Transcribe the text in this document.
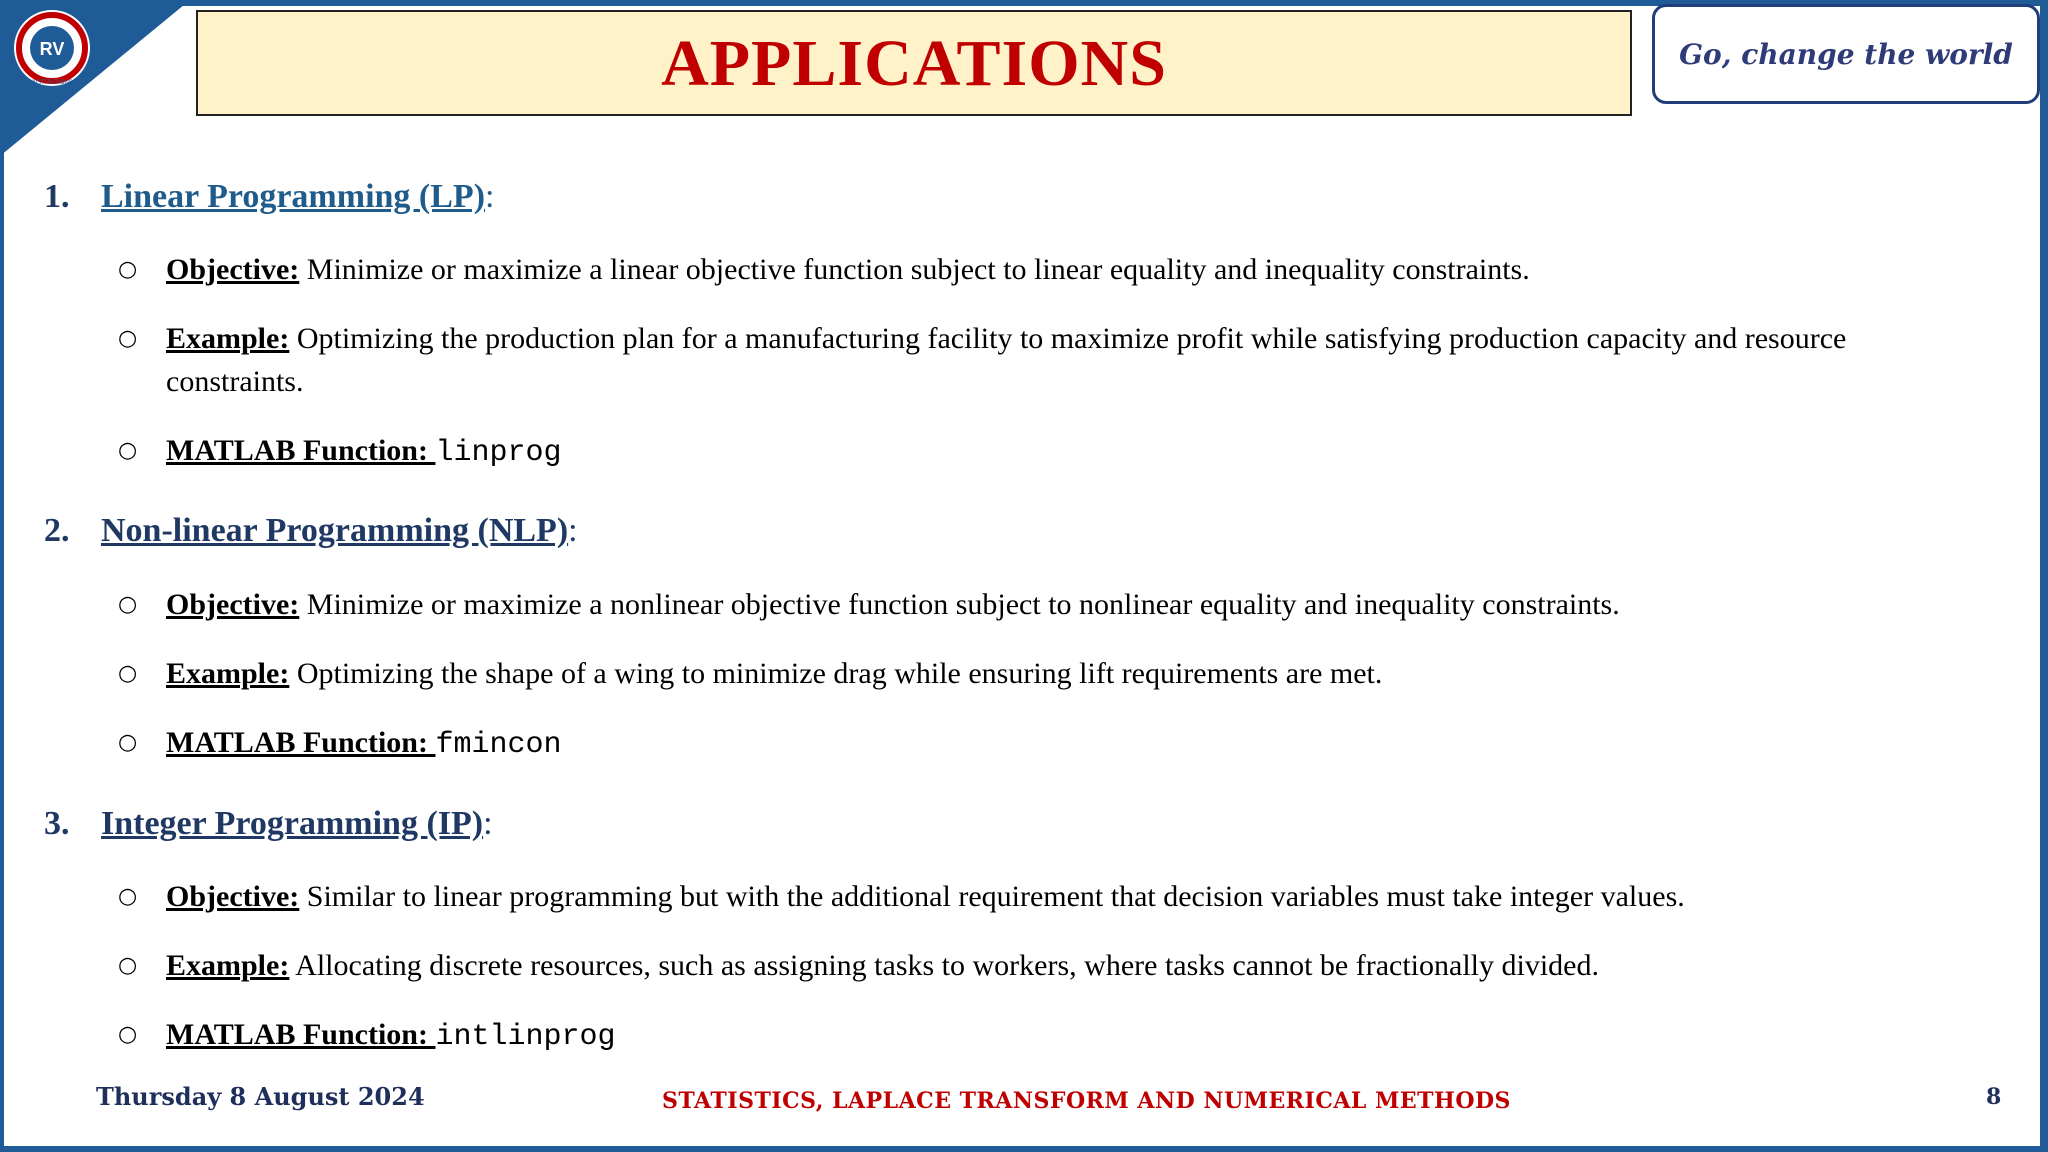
RV
INSTITUTIONS	APPLICATIONS	Go, change the world
1. Linear Programming (LP):
○ Objective: Minimize or maximize a linear objective function subject to linear equality and inequality constraints.
○ Example: Optimizing the production plan for a manufacturing facility to maximize profit while satisfying production capacity and resource constraints.
○ MATLAB Function: linprog
2. Non-linear Programming (NLP):
○ Objective: Minimize or maximize a nonlinear objective function subject to nonlinear equality and inequality constraints.
○ Example: Optimizing the shape of a wing to minimize drag while ensuring lift requirements are met.
○ MATLAB Function: fmincon
3. Integer Programming (IP):
○ Objective: Similar to linear programming but with the additional requirement that decision variables must take integer values.
○ Example: Allocating discrete resources, such as assigning tasks to workers, where tasks cannot be fractionally divided.
○ MATLAB Function: intlinprog
Thursday 8 August 2024	STATISTICS, LAPLACE TRANSFORM AND NUMERICAL METHODS	8
